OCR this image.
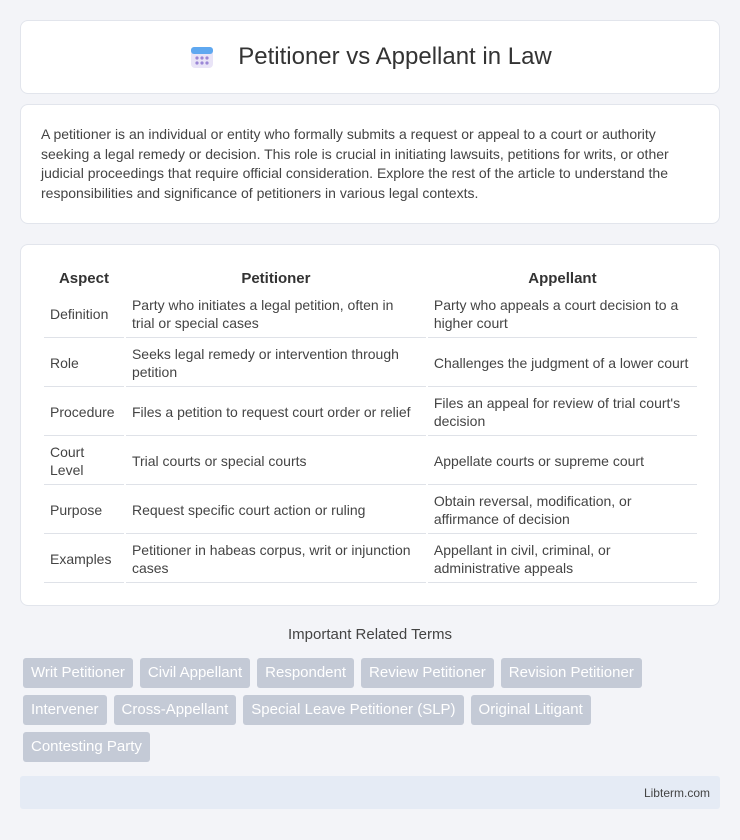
Petitioner vs Appellant in Law

A petitioner is an individual or entity who formally submits a request or appeal to a court or authority seeking a legal remedy or decision. This role is crucial in initiating lawsuits, petitions for writs, or other judicial proceedings that require official consideration. Explore the rest of the article to understand the responsibilities and significance of petitioners in various legal contexts.

Aspect	Petitioner	Appellant
Definition	Party who initiates a legal petition, often in trial or special cases	Party who appeals a court decision to a higher court
Role	Seeks legal remedy or intervention through petition	Challenges the judgment of a lower court
Procedure	Files a petition to request court order or relief	Files an appeal for review of trial court's decision
Court Level	Trial courts or special courts	Appellate courts or supreme court
Purpose	Request specific court action or ruling	Obtain reversal, modification, or affirmance of decision
Examples	Petitioner in habeas corpus, writ or injunction cases	Appellant in civil, criminal, or administrative appeals
Important Related Terms
Writ Petitioner	Civil Appellant	Respondent	Review Petitioner	Revision Petitioner
Intervener	Cross-Appellant	Special Leave Petitioner (SLP)	Original Litigant
Contesting Party
Libterm.com
